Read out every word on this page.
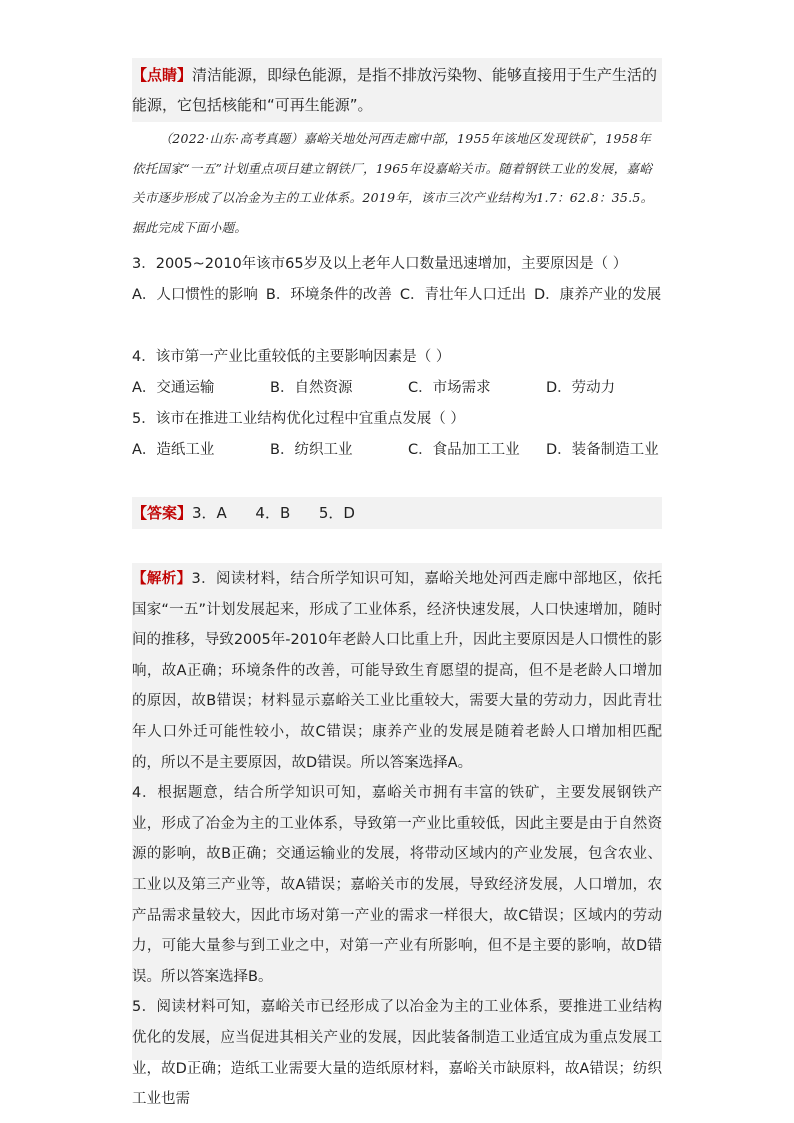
【点睛】清洁能源，即绿色能源，是指不排放污染物、能够直接用于生产生活的能源，它包括核能和“可再生能源”。

（2022·山东·高考真题）嘉峪关地处河西走廊中部，1955年该地区发现铁矿，1958年依托国家“一五”计划重点项目建立钢铁厂，1965年设嘉峪关市。随着钢铁工业的发展，嘉峪关市逐步形成了以冶金为主的工业体系。2019年，该市三次产业结构为1.7：62.8：35.5。据此完成下面小题。

3．2005~2010年该市65岁及以上老年人口数量迅速增加，主要原因是（ ）
A．人口惯性的影响 B．环境条件的改善 C．青壮年人口迁出 D．康养产业的发展
4．该市第一产业比重较低的主要影响因素是（ ）
A．交通运输	B．自然资源	C．市场需求	D．劳动力
5．该市在推进工业结构优化过程中宜重点发展（ ）
A．造纸工业	B．纺织工业	C．食品加工工业	D．装备制造工业
【答案】3．A      4．B      5．D

【解析】3．阅读材料，结合所学知识可知，嘉峪关地处河西走廊中部地区，依托国家“一五”计划发展起来，形成了工业体系，经济快速发展，人口快速增加，随时间的推移，导致2005年-2010年老龄人口比重上升，因此主要原因是人口惯性的影响，故A正确；环境条件的改善，可能导致生育愿望的提高，但不是老龄人口增加的原因，故B错误；材料显示嘉峪关工业比重较大，需要大量的劳动力，因此青壮年人口外迁可能性较小，故C错误；康养产业的发展是随着老龄人口增加相匹配的，所以不是主要原因，故D错误。所以答案选择A。

4．根据题意，结合所学知识可知，嘉峪关市拥有丰富的铁矿，主要发展钢铁产业，形成了冶金为主的工业体系，导致第一产业比重较低，因此主要是由于自然资源的影响，故B正确；交通运输业的发展，将带动区域内的产业发展，包含农业、工业以及第三产业等，故A错误；嘉峪关市的发展，导致经济发展，人口增加，农产品需求量较大，因此市场对第一产业的需求一样很大，故C错误；区域内的劳动力，可能大量参与到工业之中，对第一产业有所影响，但不是主要的影响，故D错误。所以答案选择B。

5．阅读材料可知，嘉峪关市已经形成了以冶金为主的工业体系，要推进工业结构优化的发展，应当促进其相关产业的发展，因此装备制造工业适宜成为重点发展工业，故D正确；造纸工业需要大量的造纸原材料，嘉峪关市缺原料，故A错误；纺织工业也需
